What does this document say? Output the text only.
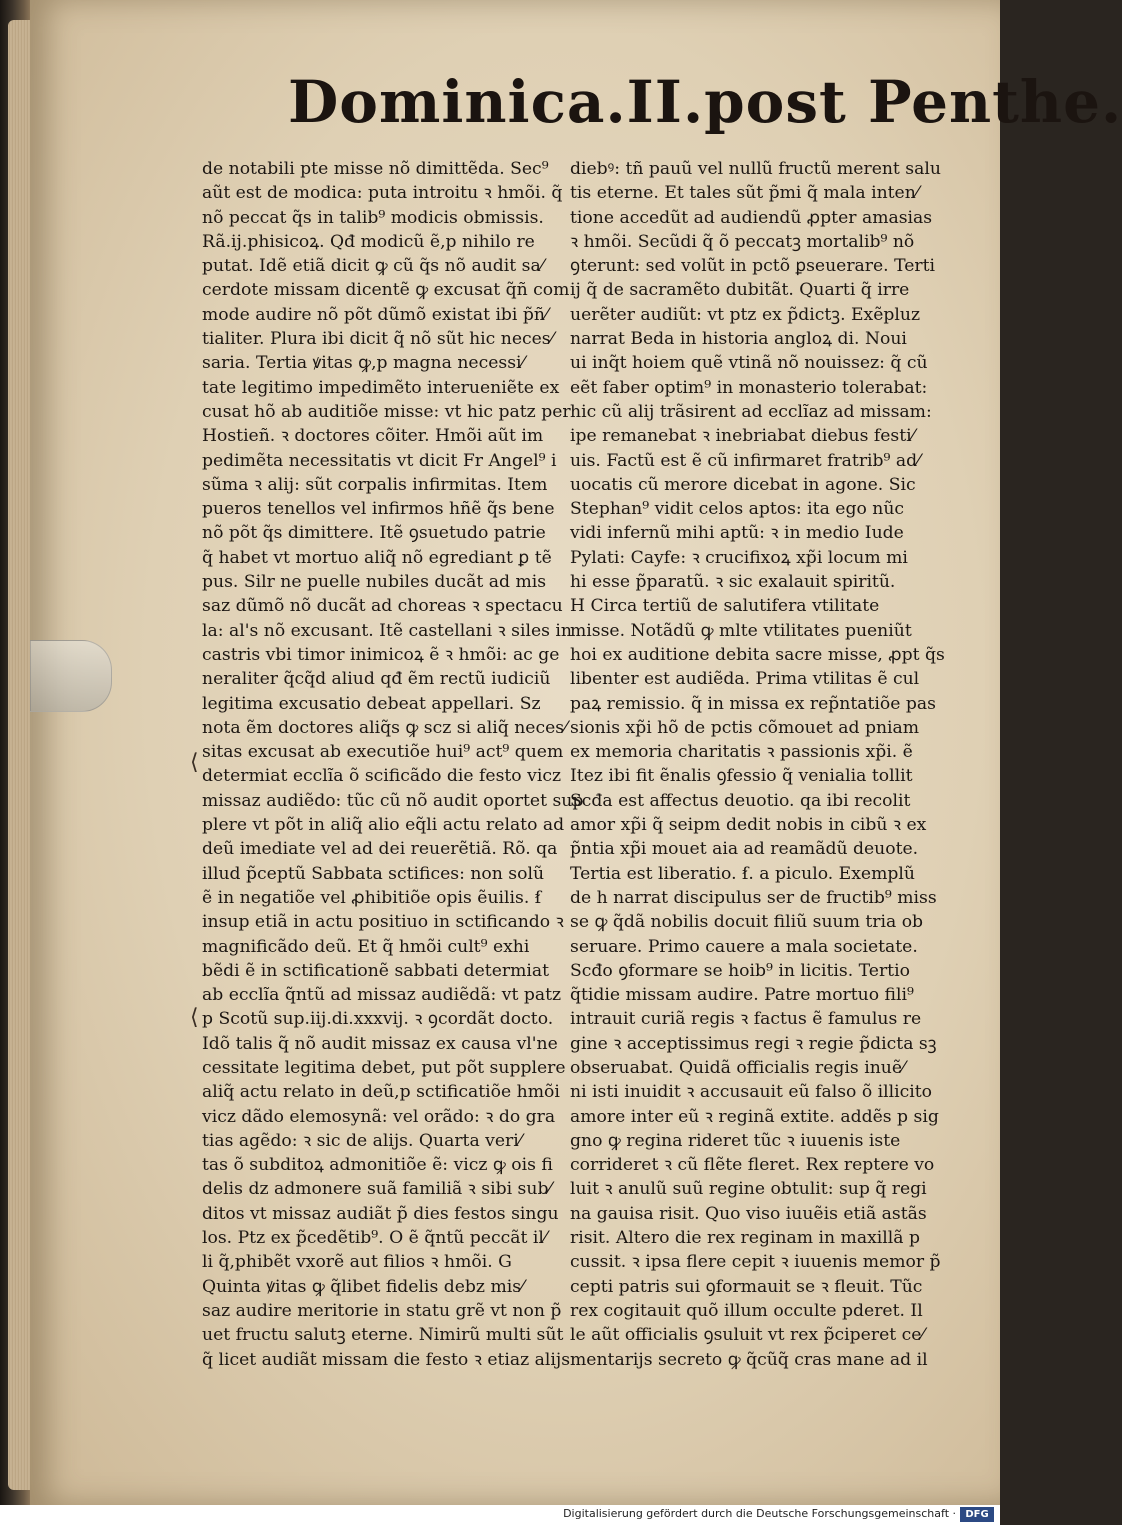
Dominica.II.post Penthe.
de notabili pte misse nõ dimittẽda. Sec⁹
aũt est de modica: puta introitu ꝛ hmõi. q̃
nõ peccat q̃s in talib⁹ modicis obmissis.
Rã.ij.phisicoꝝ. Qđ modicũ ẽ,p nihilo re
putat. Idẽ etiã dicit ꝙ cũ q̃s nõ audit sa⁄
cerdote missam dicentẽ ꝙ excusat q̃ñ com
mode audire nõ põt dũmõ existat ibi p̃ñ⁄
tialiter. Plura ibi dicit q̃ nõ sũt hic neces⁄
saria. Tertia ꝟitas ꝙ,p magna necessi⁄
tate legitimo impedimẽto interueniẽte ex
cusat hõ ab auditiõe misse: vt hic patz per
Hostieñ. ꝛ doctores cõiter. Hmõi aũt im
pedimẽta necessitatis vt dicit Fr Angel⁹ i
sũma ꝛ alij: sũt corpalis infirmitas. Item
pueros tenellos vel infirmos hñẽ q̃s bene
nõ põt q̃s dimittere. Itẽ ꝯsuetudo patrie
q̃ habet vt mortuo aliq̃ nõ egrediant ꝑ tẽ
pus. Silr ne puelle nubiles ducãt ad mis
saz dũmõ nõ ducãt ad choreas ꝛ spectacu
la: al's nõ excusant. Itẽ castellani ꝛ siles in
castris vbi timor inimicoꝝ ẽ ꝛ hmõi: ac ge
neraliter q̃cq̃d aliud qđ ẽm rectũ iudiciũ
legitima excusatio debeat appellari. Sz
nota ẽm doctores aliq̃s ꝙ scz si aliq̃ neces⁄
sitas excusat ab executiõe hui⁹ act⁹ quem
determiat ecclĩa õ scificãdo die festo vicz
missaz audiẽdo: tũc cũ nõ audit oportet sup
plere vt põt in aliq̃ alio eq̃li actu relato ad
deũ imediate vel ad dei reuerẽtiã. Rõ. qa
illud p̃ceptũ Sabbata sctifices: non solũ
ẽ in negatiõe vel ꝓhibitiõe opis ẽuilis. ẜ
insup etiã in actu positiuo in sctificando ꝛ
magnificãdo deũ. Et q̃ hmõi cult⁹ exhi
bẽdi ẽ in sctificationẽ sabbati determiat
ab ecclĩa q̃ntũ ad missaz audiẽdã: vt patz
p Scotũ sup.iij.di.xxxvij. ꝛ ꝯcordãt docto.
Idõ talis q̃ nõ audit missaz ex causa vl'ne
cessitate legitima debet, put põt supplere
aliq̃ actu relato in deũ,p sctificatiõe hmõi
vicz dãdo elemosynã: vel orãdo: ꝛ do gra
tias agẽdo: ꝛ sic de alijs. Quarta veri⁄
tas õ subditoꝝ admonitiõe ẽ: vicz ꝙ ois fi
delis dz admonere suã familiã ꝛ sibi sub⁄
ditos vt missaz audiãt p̃ dies festos singu
los. Ptz ex p̃cedẽtib⁹. O ẽ q̃ntũ peccãt il⁄
li q̃,phibẽt vxorẽ aut filios ꝛ hmõi. G
Quinta ꝟitas ꝙ q̃libet fidelis debz mis⁄
saz audire meritorie in statu grẽ vt non p̃
uet fructu salutꝫ eterne. Nimirũ multi sũt
q̃ licet audiãt missam die festo ꝛ etiaz alijs
diebꝰ: tñ pauũ vel nullũ fructũ merent salu
tis eterne. Et tales sũt p̃mi q̃ mala inten⁄
tione accedũt ad audiendũ ꝓpter amasias
ꝛ hmõi. Secũdi q̃ õ peccatꝫ mortalib⁹ nõ
ꝯterunt: sed volũt in pctõ ꝑseuerare. Terti
ij q̃ de sacramẽto dubitãt. Quarti q̃ irre
uerẽter audiũt: vt ptz ex p̃dictꝫ. Exẽpluz
narrat Beda in historia angloꝝ di. Noui
ui inq̃t hoiem quẽ vtinã nõ nouissez: q̃ cũ
eẽt faber optim⁹ in monasterio tolerabat:
hic cũ alij trãsirent ad ecclĩaz ad missam:
ipe remanebat ꝛ inebriabat diebus festi⁄
uis. Factũ est ẽ cũ infirmaret fratrib⁹ ad⁄
uocatis cũ merore dicebat in agone. Sic
Stephan⁹ vidit celos aptos: ita ego nũc
vidi infernũ mihi aptũ: ꝛ in medio Iude
Pylati: Cayfe: ꝛ crucifixoꝝ xp̃i locum mi
hi esse p̃paratũ. ꝛ sic exalauit spiritũ.
H Circa tertiũ de salutifera vtilitate
misse. Notãdũ ꝙ mlte vtilitates pueniũt
hoi ex auditione debita sacre misse, ꝓpt q̃s
libenter est audiẽda. Prima vtilitas ẽ cul
paꝝ remissio. q̃ in missa ex rep̃ntatiõe pas
sionis xp̃i hõ de pctis cõmouet ad pniam
ex memoria charitatis ꝛ passionis xp̃i. ẽ
Itez ibi fit ẽnalis ꝯfessio q̃ venialia tollit
Scđa est affectus deuotio. qa ibi recolit
amor xp̃i q̃ seipm dedit nobis in cibũ ꝛ ex
p̃ntia xp̃i mouet aia ad reamãdũ deuote.
Tertia est liberatio. ẜ. a piculo. Exemplũ
de h narrat discipulus ser de fructib⁹ miss
se ꝙ q̃dã nobilis docuit filiũ suum tria ob
seruare. Primo cauere a mala societate.
Scđo ꝯformare se hoib⁹ in licitis. Tertio
q̃tidie missam audire. Patre mortuo fili⁹
intrauit curiã regis ꝛ factus ẽ famulus re
gine ꝛ acceptissimus regi ꝛ regie p̃dicta sꝫ
obseruabat. Quidã officialis regis inuẽ⁄
ni isti inuidit ꝛ accusauit eũ falso õ illicito
amore inter eũ ꝛ reginã extite. addẽs p sig
gno ꝙ regina rideret tũc ꝛ iuuenis iste
corrideret ꝛ cũ flẽte fleret. Rex reptere vo
luit ꝛ anulũ suũ regine obtulit: sup q̃ regi
na gauisa risit. Quo viso iuuẽis etiã astãs
risit. Altero die rex reginam in maxillã p
cussit. ꝛ ipsa flere cepit ꝛ iuuenis memor p̃
cepti patris sui ꝯformauit se ꝛ fleuit. Tũc
rex cogitauit quõ illum occulte pderet. Il
le aũt officialis ꝯsuluit vt rex p̃ciperet ce⁄
mentarijs secreto ꝙ q̃cũq̃ cras mane ad il
⟨
⟨
Digitalisierung gefördert durch die Deutsche Forschungsgemeinschaft · DFG
